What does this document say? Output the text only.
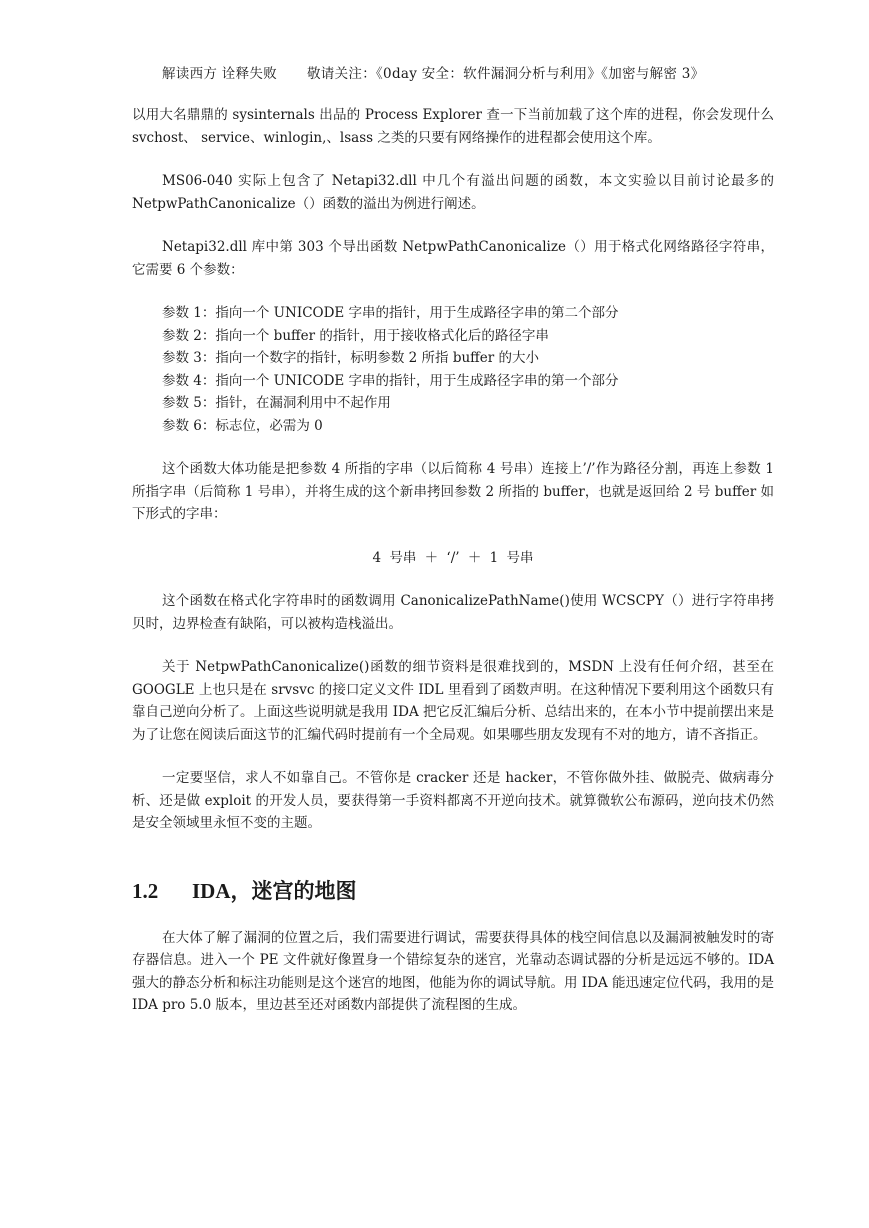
解读西方 诠释失败 敬请关注：《0day 安全：软件漏洞分析与利用》《加密与解密 3》

以用大名鼎鼎的 sysinternals 出品的 Process Explorer 查一下当前加载了这个库的进程，你会发现什么 svchost、 service、winlogin,、lsass 之类的只要有网络操作的进程都会使用这个库。

MS06-040 实际上包含了 Netapi32.dll 中几个有溢出问题的函数，本文实验以目前讨论最多的 NetpwPathCanonicalize（）函数的溢出为例进行阐述。

Netapi32.dll 库中第 303 个导出函数 NetpwPathCanonicalize（）用于格式化网络路径字符串， 它需要 6 个参数：

参数 1：指向一个 UNICODE 字串的指针，用于生成路径字串的第二个部分
参数 2：指向一个 buffer 的指针，用于接收格式化后的路径字串
参数 3：指向一个数字的指针，标明参数 2 所指 buffer 的大小
参数 4：指向一个 UNICODE 字串的指针，用于生成路径字串的第一个部分
参数 5：指针，在漏洞利用中不起作用
参数 6：标志位，必需为 0

这个函数大体功能是把参数 4 所指的字串（以后简称 4 号串）连接上’/’作为路径分割，再连上参数 1 所指字串（后简称 1 号串），并将生成的这个新串拷回参数 2 所指的 buffer，也就是返回给 2 号 buffer 如下形式的字串：

4 号串 ＋ ‘/’ ＋ 1 号串

这个函数在格式化字符串时的函数调用 CanonicalizePathName()使用 WCSCPY（）进行字符串拷贝时，边界检查有缺陷，可以被构造栈溢出。

关于 NetpwPathCanonicalize()函数的细节资料是很难找到的，MSDN 上没有任何介绍，甚至在 GOOGLE 上也只是在 srvsvc 的接口定义文件 IDL 里看到了函数声明。在这种情况下要利用这个函数只有靠自己逆向分析了。上面这些说明就是我用 IDA 把它反汇编后分析、总结出来的，在本小节中提前摆出来是为了让您在阅读后面这节的汇编代码时提前有一个全局观。如果哪些朋友发现有不对的地方，请不吝指正。

一定要坚信，求人不如靠自己。不管你是 cracker 还是 hacker，不管你做外挂、做脱壳、做病毒分析、还是做 exploit 的开发人员，要获得第一手资料都离不开逆向技术。就算微软公布源码，逆向技术仍然是安全领域里永恒不变的主题。

1.2 IDA，迷宫的地图

在大体了解了漏洞的位置之后，我们需要进行调试，需要获得具体的栈空间信息以及漏洞被触发时的寄存器信息。进入一个 PE 文件就好像置身一个错综复杂的迷宫，光靠动态调试器的分析是远远不够的。IDA 强大的静态分析和标注功能则是这个迷宫的地图，他能为你的调试导航。用 IDA 能迅速定位代码，我用的是 IDA pro 5.0 版本，里边甚至还对函数内部提供了流程图的生成。
